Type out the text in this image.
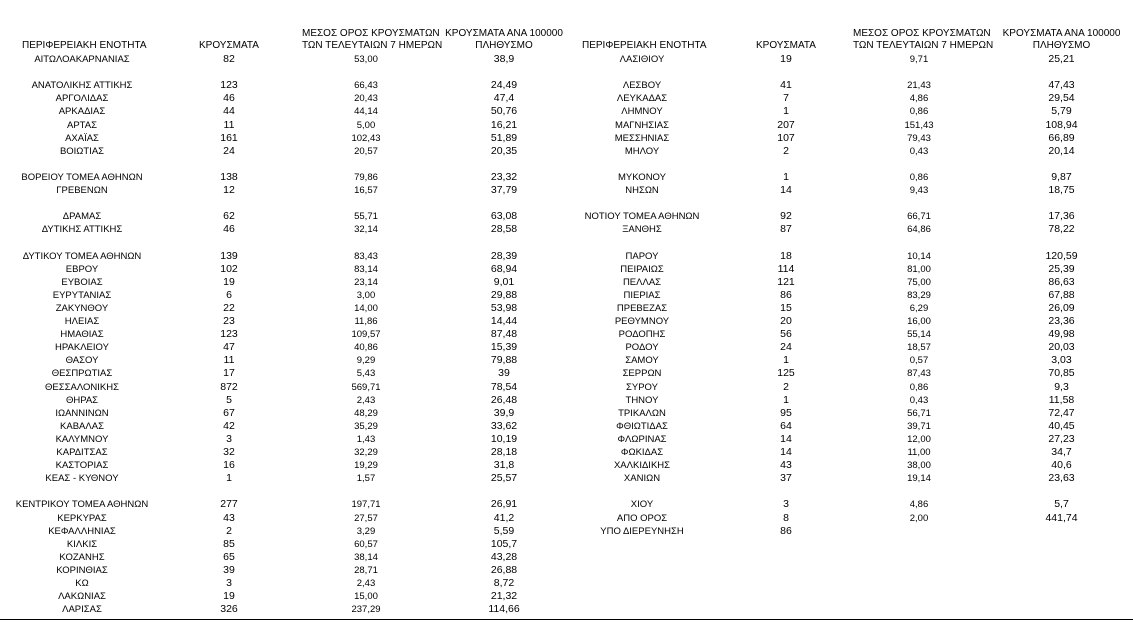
ΠΕΡΙΦΕΡΕΙΑΚΗ ΕΝΟΤΗΤΑ	ΚΡΟΥΣΜΑΤΑ
ΜΕΣΟΣ ΟΡΟΣ ΚΡΟΥΣΜΑΤΩΝ
ΤΩΝ ΤΕΛΕΥΤΑΙΩΝ 7 ΗΜΕΡΩΝ
ΚΡΟΥΣΜΑΤΑ ΑΝΑ 100000
ΠΛΗΘΥΣΜΟ
ΑΙΤΩΛΟΑΚΑΡΝΑΝΙΑΣ	82	53,00	38,9
ΑΝΑΤΟΛΙΚΗΣ ΑΤΤΙΚΗΣ	123	66,43	24,49
ΑΡΓΟΛΙΔΑΣ	46	20,43	47,4
ΑΡΚΑΔΙΑΣ	44	44,14	50,76
ΑΡΤΑΣ	11	5,00	16,21
ΑΧΑΪΑΣ	161	102,43	51,89
ΒΟΙΩΤΙΑΣ	24	20,57	20,35
ΒΟΡΕΙΟΥ ΤΟΜΕΑ ΑΘΗΝΩΝ	138	79,86	23,32
ΓΡΕΒΕΝΩΝ	12	16,57	37,79
ΔΡΑΜΑΣ	62	55,71	63,08
ΔΥΤΙΚΗΣ ΑΤΤΙΚΗΣ	46	32,14	28,58
ΔΥΤΙΚΟΥ ΤΟΜΕΑ ΑΘΗΝΩΝ	139	83,43	28,39
ΕΒΡΟΥ	102	83,14	68,94
ΕΥΒΟΙΑΣ	19	23,14	9,01
ΕΥΡΥΤΑΝΙΑΣ	6	3,00	29,88
ΖΑΚΥΝΘΟΥ	22	14,00	53,98
ΗΛΕΙΑΣ	23	11,86	14,44
ΗΜΑΘΙΑΣ	123	109,57	87,48
ΗΡΑΚΛΕΙΟΥ	47	40,86	15,39
ΘΑΣΟΥ	11	9,29	79,88
ΘΕΣΠΡΩΤΙΑΣ	17	5,43	39
ΘΕΣΣΑΛΟΝΙΚΗΣ	872	569,71	78,54
ΘΗΡΑΣ	5	2,43	26,48
ΙΩΑΝΝΙΝΩΝ	67	48,29	39,9
ΚΑΒΑΛΑΣ	42	35,29	33,62
ΚΑΛΥΜΝΟΥ	3	1,43	10,19
ΚΑΡΔΙΤΣΑΣ	32	32,29	28,18
ΚΑΣΤΟΡΙΑΣ	16	19,29	31,8
ΚΕΑΣ - ΚΥΘΝΟΥ	1	1,57	25,57
ΚΕΝΤΡΙΚΟΥ ΤΟΜΕΑ ΑΘΗΝΩΝ	277	197,71	26,91
ΚΕΡΚΥΡΑΣ	43	27,57	41,2
ΚΕΦΑΛΛΗΝΙΑΣ	2	3,29	5,59
ΚΙΛΚΙΣ	85	60,57	105,7
ΚΟΖΑΝΗΣ	65	38,14	43,28
ΚΟΡΙΝΘΙΑΣ	39	28,71	26,88
ΚΩ	3	2,43	8,72
ΛΑΚΩΝΙΑΣ	19	15,00	21,32
ΛΑΡΙΣΑΣ	326	237,29	114,66
ΠΕΡΙΦΕΡΕΙΑΚΗ ΕΝΟΤΗΤΑ	ΚΡΟΥΣΜΑΤΑ
ΜΕΣΟΣ ΟΡΟΣ ΚΡΟΥΣΜΑΤΩΝ
ΤΩΝ ΤΕΛΕΥΤΑΙΩΝ 7 ΗΜΕΡΩΝ
ΚΡΟΥΣΜΑΤΑ ΑΝΑ 100000
ΠΛΗΘΥΣΜΟ
ΛΑΣΙΘΙΟΥ	19	9,71	25,21
ΛΕΣΒΟΥ	41	21,43	47,43
ΛΕΥΚΑΔΑΣ	7	4,86	29,54
ΛΗΜΝΟΥ	1	0,86	5,79
ΜΑΓΝΗΣΙΑΣ	207	151,43	108,94
ΜΕΣΣΗΝΙΑΣ	107	79,43	66,89
ΜΗΛΟΥ	2	0,43	20,14
ΜΥΚΟΝΟΥ	1	0,86	9,87
ΝΗΣΩΝ	14	9,43	18,75
ΝΟΤΙΟΥ ΤΟΜΕΑ ΑΘΗΝΩΝ	92	66,71	17,36
ΞΑΝΘΗΣ	87	64,86	78,22
ΠΑΡΟΥ	18	10,14	120,59
ΠΕΙΡΑΙΩΣ	114	81,00	25,39
ΠΕΛΛΑΣ	121	75,00	86,63
ΠΙΕΡΙΑΣ	86	83,29	67,88
ΠΡΕΒΕΖΑΣ	15	6,29	26,09
ΡΕΘΥΜΝΟΥ	20	16,00	23,36
ΡΟΔΟΠΗΣ	56	55,14	49,98
ΡΟΔΟΥ	24	18,57	20,03
ΣΑΜΟΥ	1	0,57	3,03
ΣΕΡΡΩΝ	125	87,43	70,85
ΣΥΡΟΥ	2	0,86	9,3
ΤΗΝΟΥ	1	0,43	11,58
ΤΡΙΚΑΛΩΝ	95	56,71	72,47
ΦΘΙΩΤΙΔΑΣ	64	39,71	40,45
ΦΛΩΡΙΝΑΣ	14	12,00	27,23
ΦΩΚΙΔΑΣ	14	11,00	34,7
ΧΑΛΚΙΔΙΚΗΣ	43	38,00	40,6
ΧΑΝΙΩΝ	37	19,14	23,63
ΧΙΟΥ	3	4,86	5,7
ΑΠΟ ΟΡΟΣ	8	2,00	441,74
ΥΠΟ ΔΙΕΡΕΥΝΗΣΗ	86
